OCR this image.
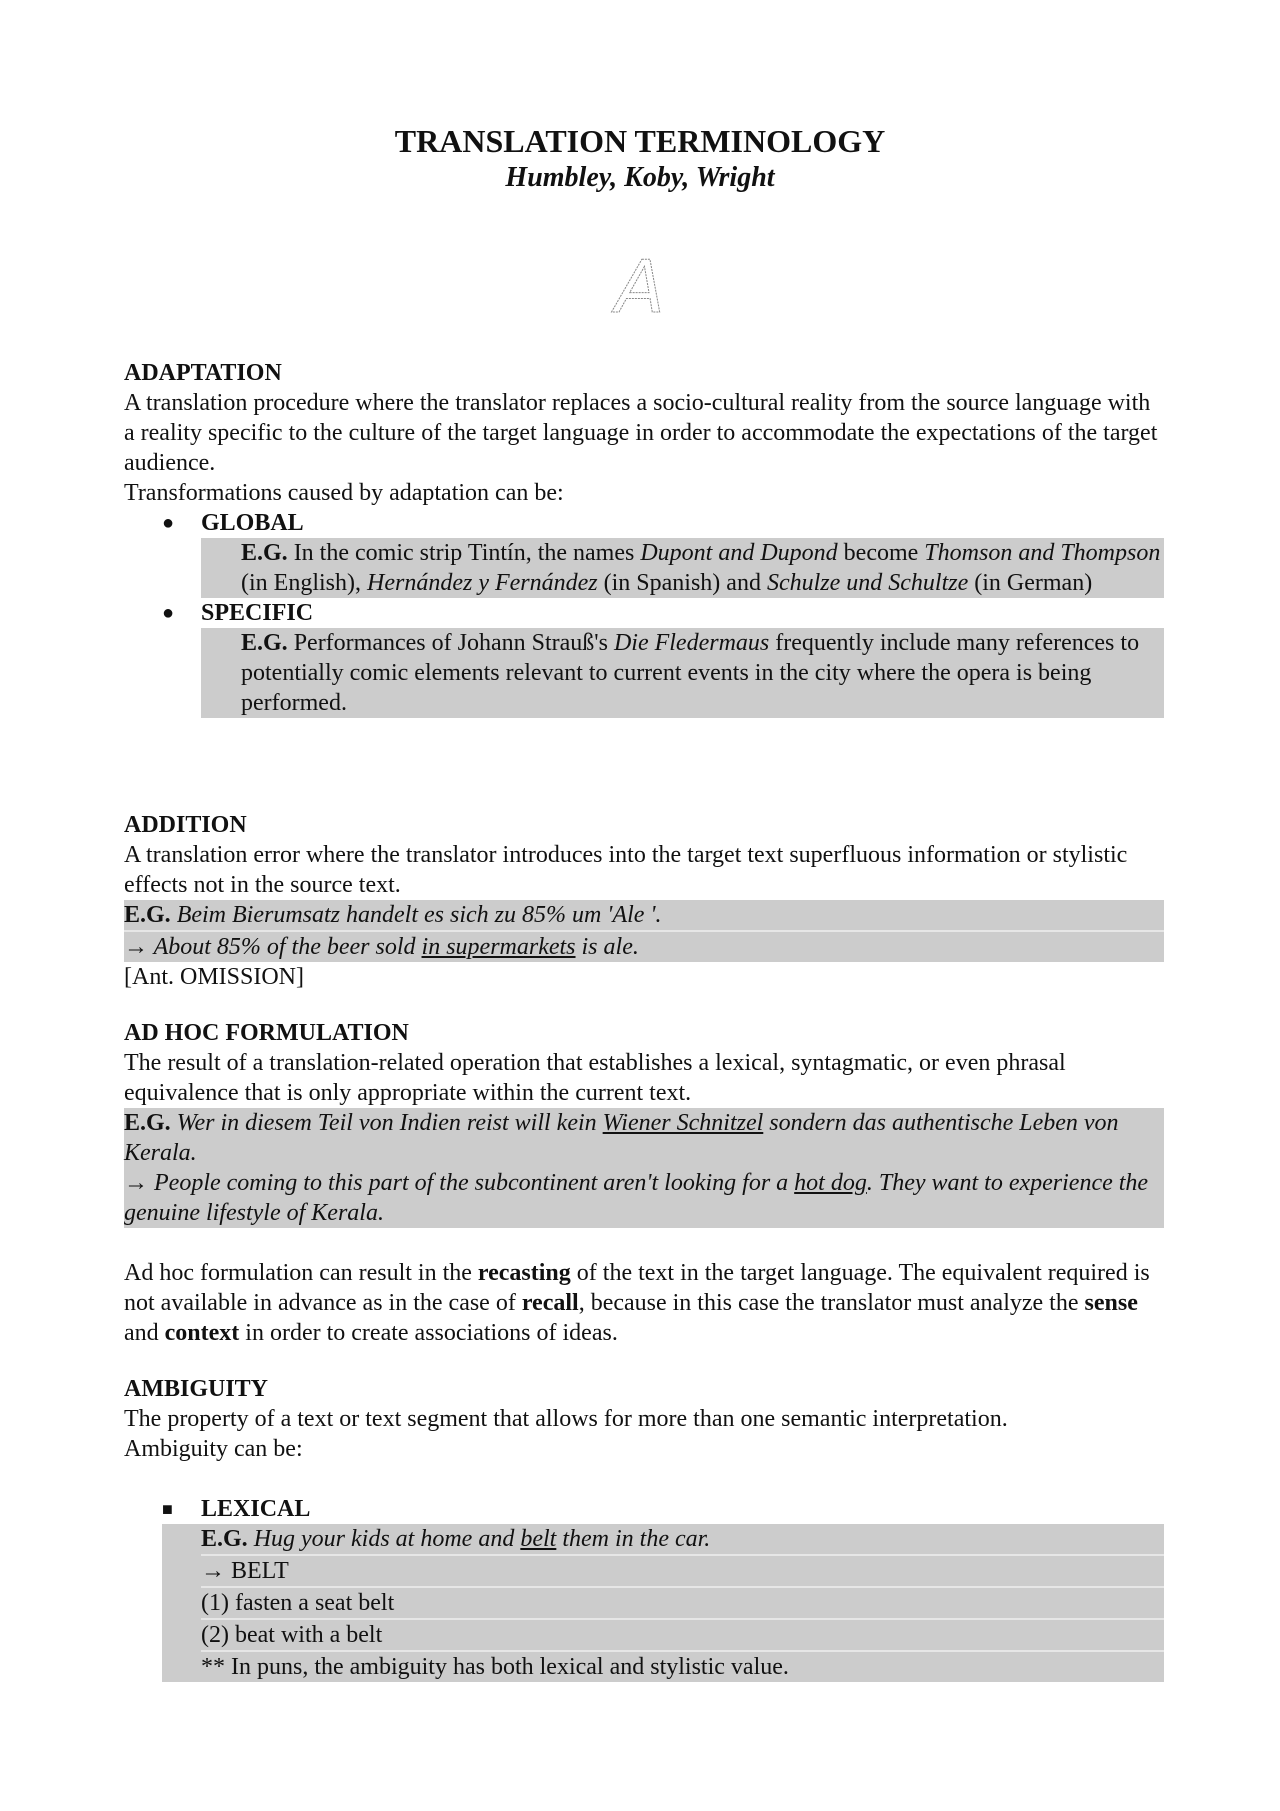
TRANSLATION TERMINOLOGY
Humbley, Koby, Wright
A
ADAPTATION
A translation procedure where the translator replaces a socio-cultural reality from the source language with a reality specific to the culture of the target language in order to accommodate the expectations of the target audience.
Transformations caused by adaptation can be:
● GLOBAL
E.G. In the comic strip Tintín, the names Dupont and Dupond become Thomson and Thompson (in English), Hernández y Fernández (in Spanish) and Schulze und Schultze (in German)
● SPECIFIC
E.G. Performances of Johann Strauß's Die Fledermaus frequently include many references to potentially comic elements relevant to current events in the city where the opera is being performed.
ADDITION
A translation error where the translator introduces into the target text superfluous information or stylistic effects not in the source text.
E.G. Beim Bierumsatz handelt es sich zu 85% um 'Ale '.
→ About 85% of the beer sold in supermarkets is ale.
[Ant. OMISSION]
AD HOC FORMULATION
The result of a translation-related operation that establishes a lexical, syntagmatic, or even phrasal equivalence that is only appropriate within the current text.
E.G. Wer in diesem Teil von Indien reist will kein Wiener Schnitzel sondern das authentische Leben von Kerala.
→ People coming to this part of the subcontinent aren't looking for a hot dog. They want to experience the genuine lifestyle of Kerala.
Ad hoc formulation can result in the recasting of the text in the target language. The equivalent required is not available in advance as in the case of recall, because in this case the translator must analyze the sense and context in order to create associations of ideas.
AMBIGUITY
The property of a text or text segment that allows for more than one semantic interpretation.
Ambiguity can be:
■ LEXICAL
E.G. Hug your kids at home and belt them in the car.
→ BELT
(1) fasten a seat belt
(2) beat with a belt
** In puns, the ambiguity has both lexical and stylistic value.
